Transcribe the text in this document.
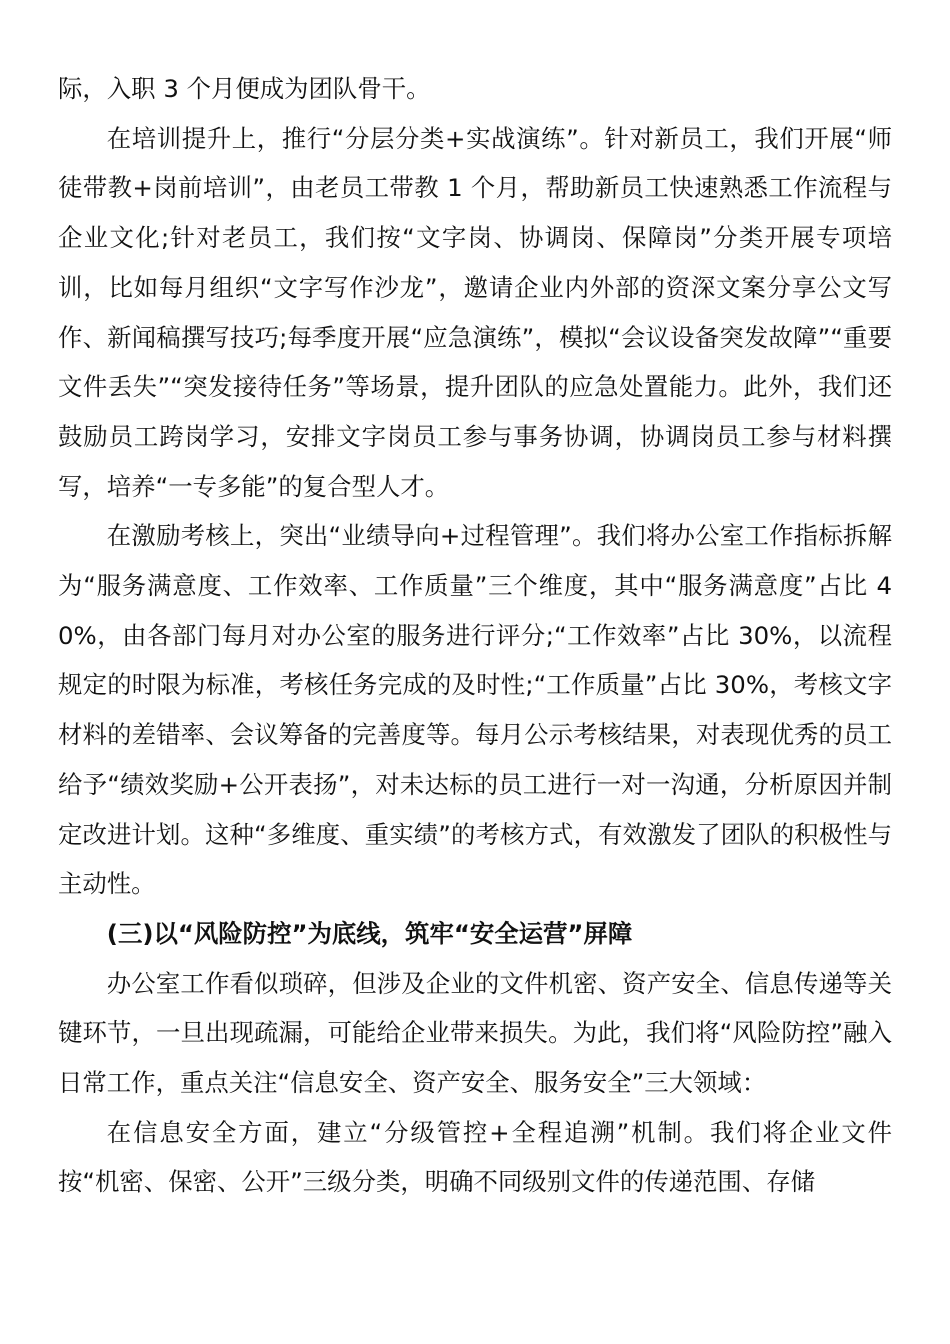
际，入职 3 个月便成为团队骨干。

在培训提升上，推行“分层分类+实战演练”。针对新员工，我们开展“师徒带教+岗前培训”，由老员工带教 1 个月，帮助新员工快速熟悉工作流程与企业文化;针对老员工，我们按“文字岗、协调岗、保障岗”分类开展专项培训，比如每月组织“文字写作沙龙”，邀请企业内外部的资深文案分享公文写作、新闻稿撰写技巧;每季度开展“应急演练”，模拟“会议设备突发故障”“重要文件丢失”“突发接待任务”等场景，提升团队的应急处置能力。此外，我们还鼓励员工跨岗学习，安排文字岗员工参与事务协调，协调岗员工参与材料撰写，培养“一专多能”的复合型人才。

在激励考核上，突出“业绩导向+过程管理”。我们将办公室工作指标拆解为“服务满意度、工作效率、工作质量”三个维度，其中“服务满意度”占比 40%，由各部门每月对办公室的服务进行评分;“工作效率”占比 30%，以流程规定的时限为标准，考核任务完成的及时性;“工作质量”占比 30%，考核文字材料的差错率、会议筹备的完善度等。每月公示考核结果，对表现优秀的员工给予“绩效奖励+公开表扬”，对未达标的员工进行一对一沟通，分析原因并制定改进计划。这种“多维度、重实绩”的考核方式，有效激发了团队的积极性与主动性。

(三)以“风险防控”为底线，筑牢“安全运营”屏障

办公室工作看似琐碎，但涉及企业的文件机密、资产安全、信息传递等关键环节，一旦出现疏漏，可能给企业带来损失。为此，我们将“风险防控”融入日常工作，重点关注“信息安全、资产安全、服务安全”三大领域：

在信息安全方面，建立“分级管控+全程追溯”机制。我们将企业文件按“机密、保密、公开”三级分类，明确不同级别文件的传递范围、存储
